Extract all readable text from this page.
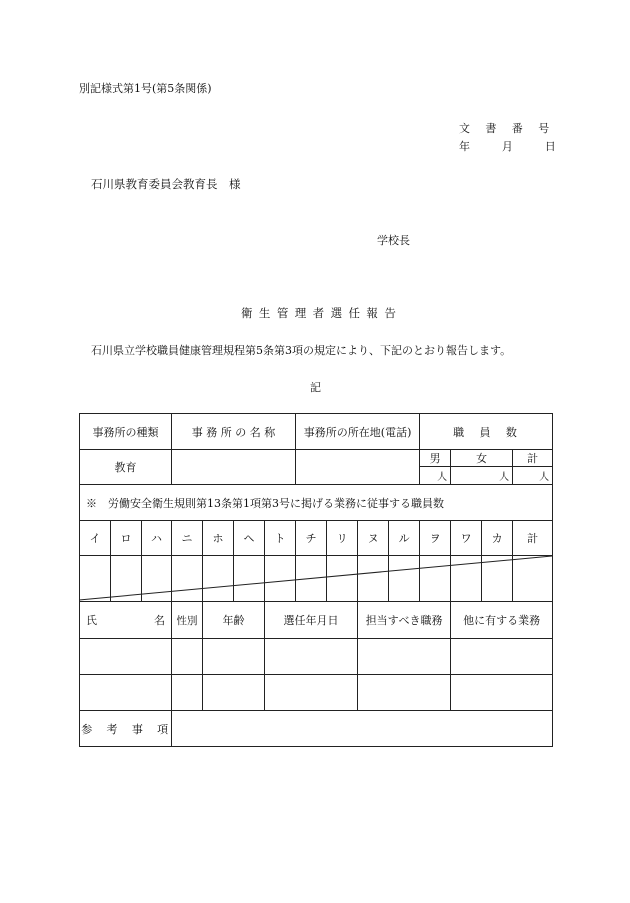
別記様式第1号(第5条関係)
文　書　番　号
年　　月　　日
石川県教育委員会教育長　様
学校長
衛 生 管 理 者 選 任 報 告
石川県立学校職員健康管理規程第5条第3項の規定により、下記のとおり報告します。
記
事務所の種類			事 務 所 の 名 称				事務所の所在地(電話)				職　員　数			
教育											男	女		計
											人	人		人
※　労働安全衛生規則第13条第1項第3号に掲げる業務に従事する職員数														
イ	ロ	ハ	ニ	ホ	ヘ	ト	チ	リ	ヌ	ル	ヲ	ワ	カ	計

氏 名			性別	年齢		選任年月日			担当すべき職務			他に有する業務		

参　考　事　項														
